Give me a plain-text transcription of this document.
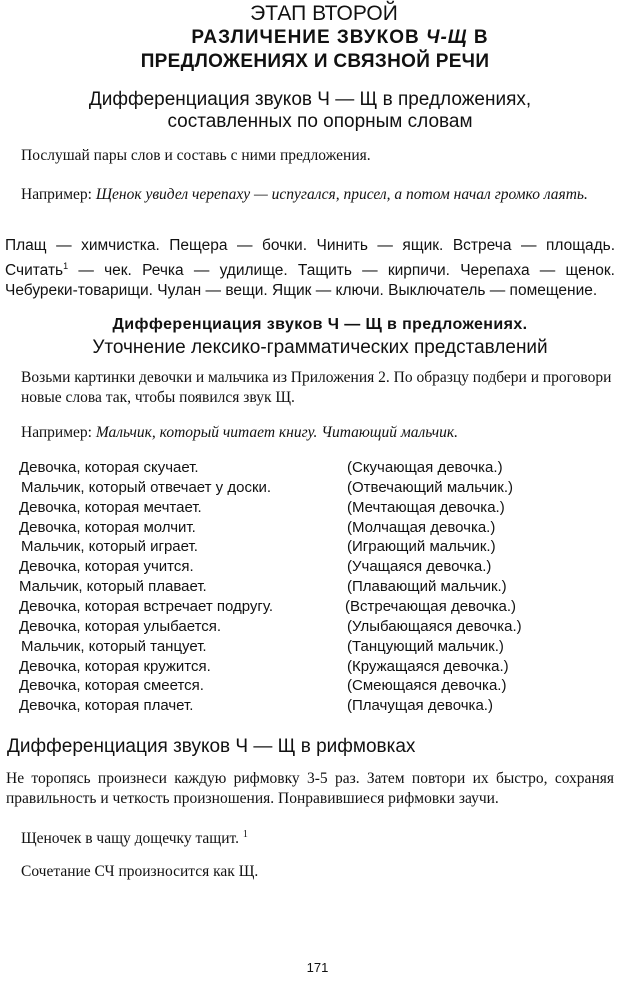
ЭТАП ВТОРОЙ
РАЗЛИЧЕНИЕ ЗВУКОВ Ч-Щ В
ПРЕДЛОЖЕНИЯХ И СВЯЗНОЙ РЕЧИ
Дифференциация звуков Ч — Щ в предложениях,
составленных по опорным словам
Послушай пары слов и составь с ними предложения.
Например: Щенок увидел черепаху — испугался, присел, а потом начал громко лаять.
Плащ — химчистка. Пещера — бочки. Чинить — ящик. Встреча — площадь. Считать$^1$ — чек. Речка — удилище. Тащить — кирпичи. Черепаха — щенок. Чебуреки-товарищи. Чулан — вещи. Ящик — ключи. Выключатель — помещение.
Дифференциация звуков Ч — Щ в предложениях.
Уточнение лексико-грамматических представлений
Возьми картинки девочки и мальчика из Приложения 2. По образцу подбери и проговори новые слова так, чтобы появился звук Щ.
Например: Мальчик, который читает книгу. Читающий мальчик.
Девочка, которая скучает.	(Скучающая девочка.)
Мальчик, который отвечает у доски.	(Отвечающий мальчик.)
Девочка, которая мечтает.	(Мечтающая девочка.)
Девочка, которая молчит.	(Молчащая девочка.)
Мальчик, который играет.	(Играющий мальчик.)
Девочка, которая учится.	(Учащаяся девочка.)
Мальчик, который плавает.	(Плавающий мальчик.)
Девочка, которая встречает подругу.	(Встречающая девочка.)
Девочка, которая улыбается.	(Улыбающаяся девочка.)
Мальчик, который танцует.	(Танцующий мальчик.)
Девочка, которая кружится.	(Кружащаяся девочка.)
Девочка, которая смеется.	(Смеющаяся девочка.)
Девочка, которая плачет.	(Плачущая девочка.)
Дифференциация звуков Ч — Щ в рифмовках
Не торопясь произнеси каждую рифмовку 3-5 раз. Затем повтори их быстро, сохраняя правильность и четкость произношения. Понравившиеся рифмовки заучи.
Щеночек в чащу дощечку тащит. $^1$
Сочетание СЧ произносится как Щ.
171
